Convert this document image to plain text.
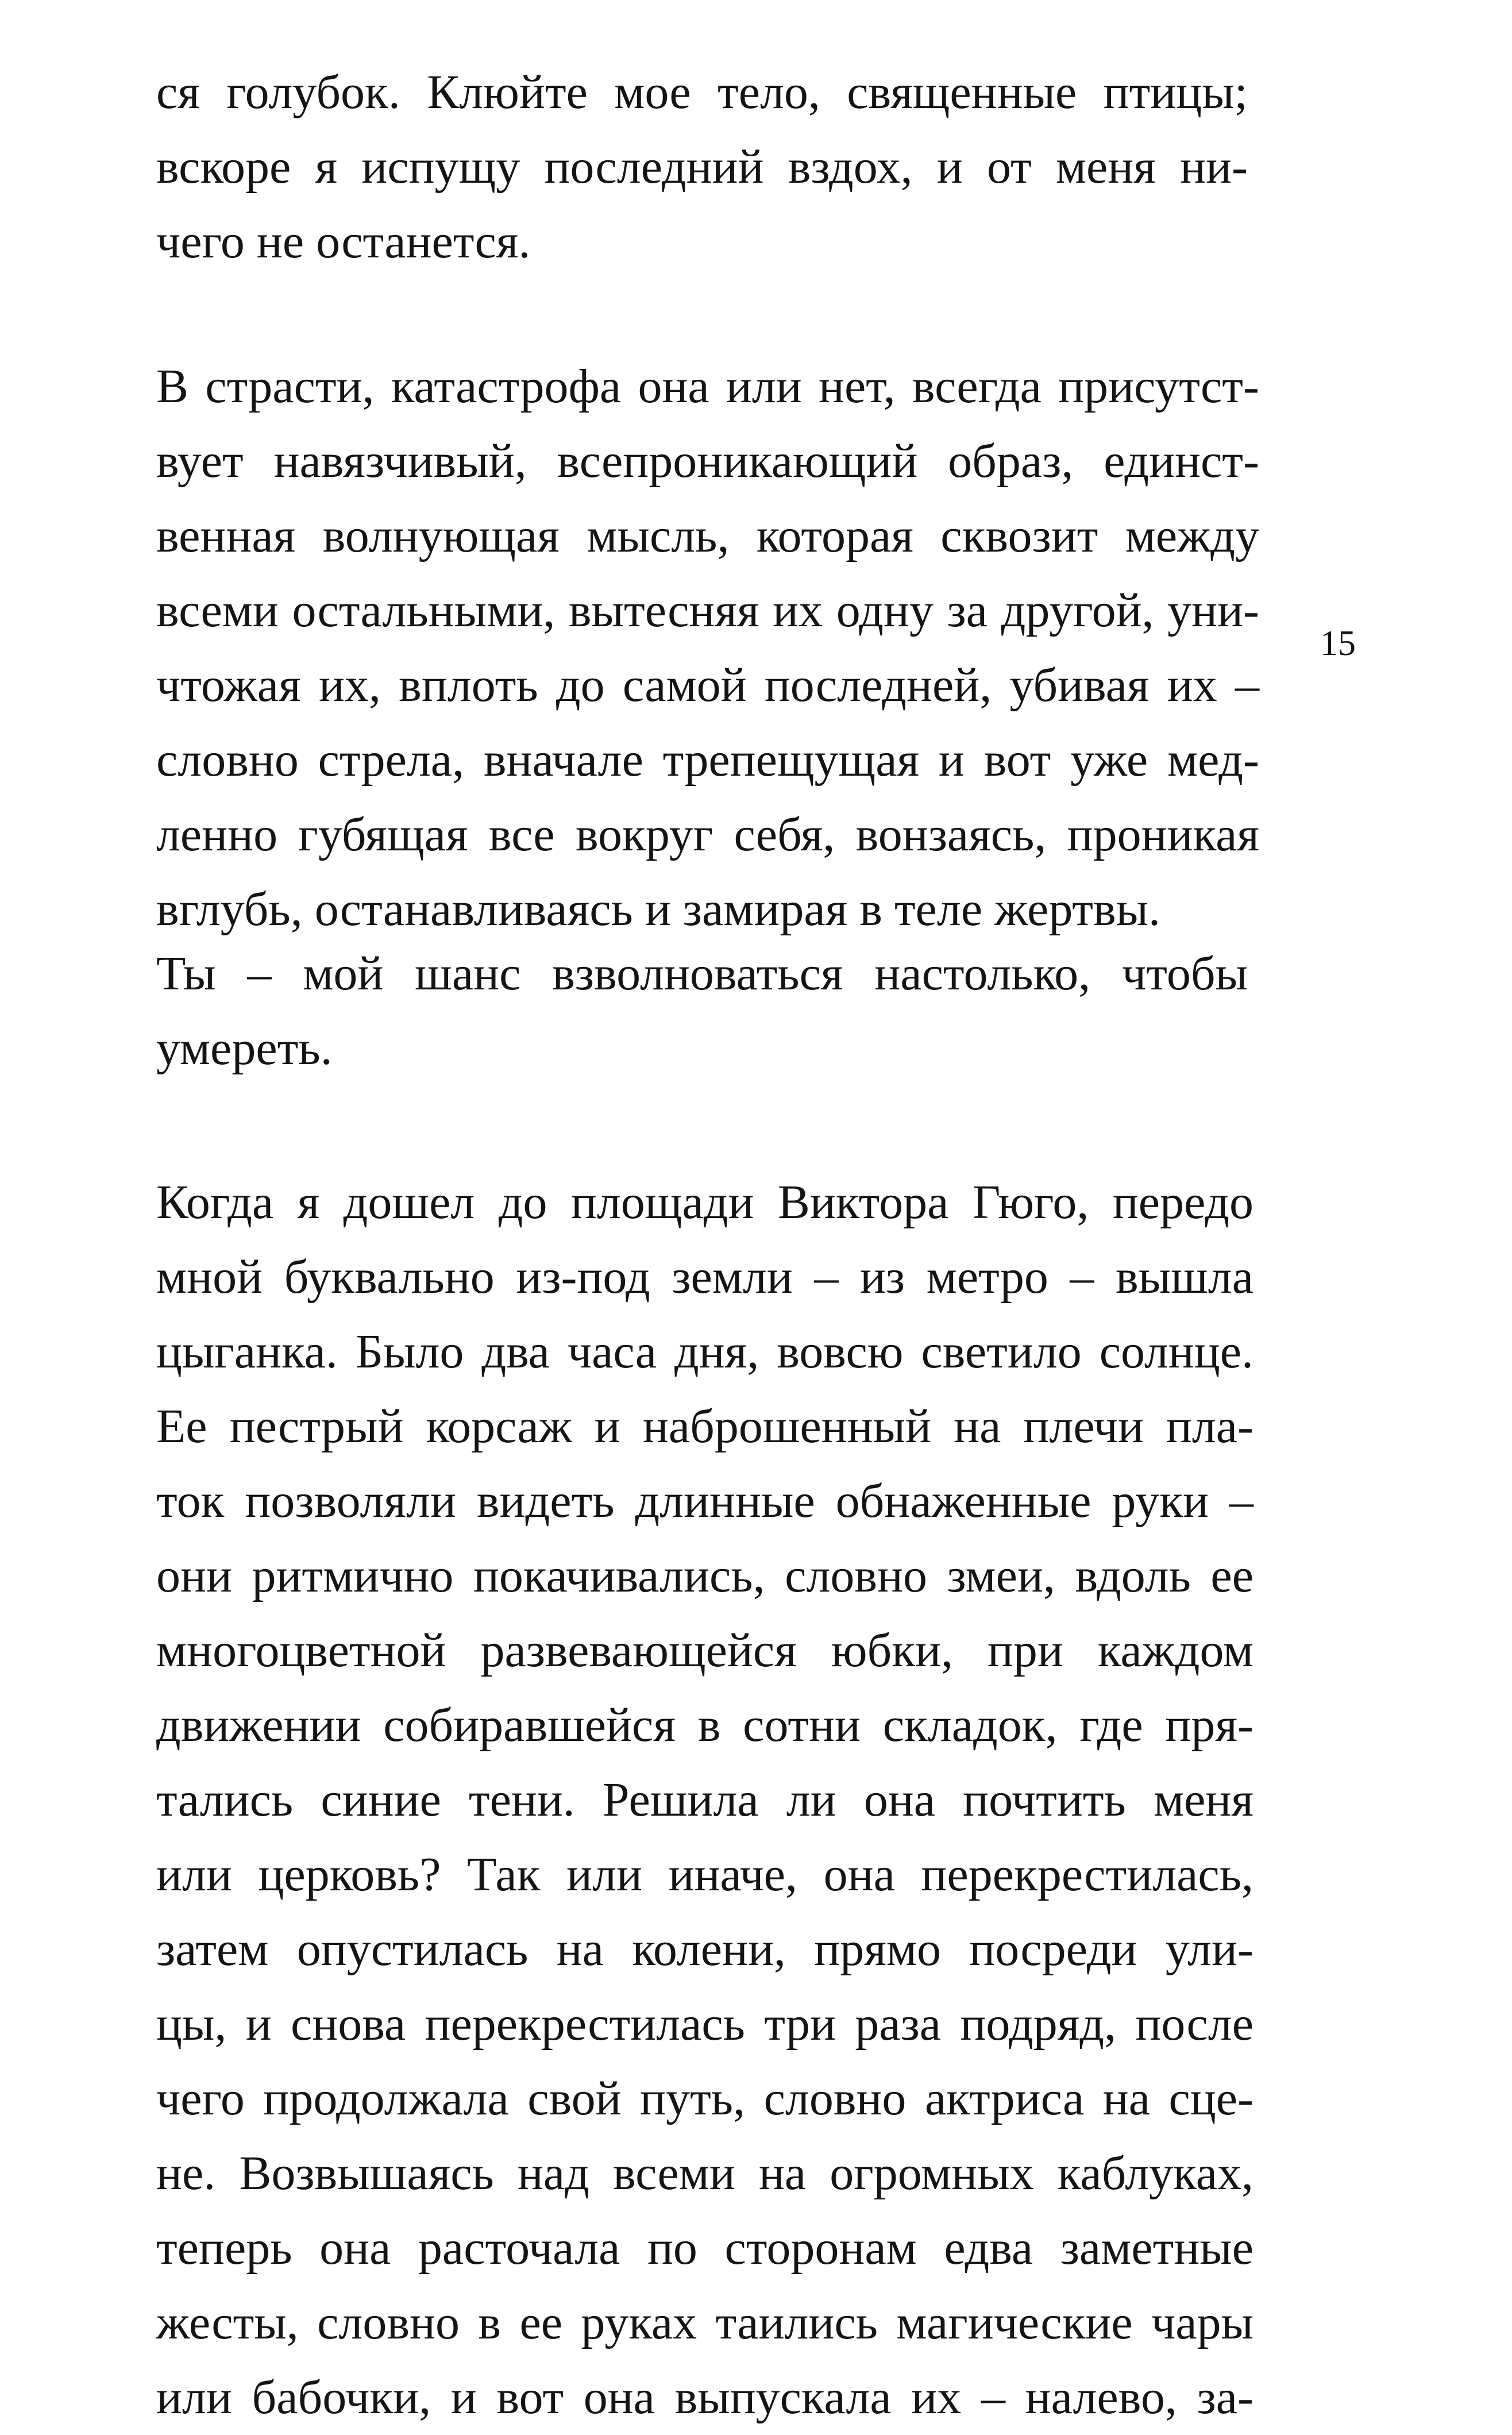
ся голубок. Клюйте мое тело, священные птицы;
вскоре я испущу последний вздох, и от меня ни-
чего не останется.
В страсти, катастрофа она или нет, всегда присутст-
вует навязчивый, всепроникающий образ, единст-
венная волнующая мысль, которая сквозит между
всеми остальными, вытесняя их одну за другой, уни-
чтожая их, вплоть до самой последней, убивая их –
словно стрела, вначале трепещущая и вот уже мед-
ленно губящая все вокруг себя, вонзаясь, проникая
вглубь, останавливаясь и замирая в теле жертвы.
15
Ты – мой шанс взволноваться настолько, чтобы
умереть.
Когда я дошел до площади Виктора Гюго, передо
мной буквально из-под земли – из метро – вышла
цыганка. Было два часа дня, вовсю светило солнце.
Ее пестрый корсаж и наброшенный на плечи пла-
ток позволяли видеть длинные обнаженные руки –
они ритмично покачивались, словно змеи, вдоль ее
многоцветной развевающейся юбки, при каждом
движении собиравшейся в сотни складок, где пря-
тались синие тени. Решила ли она почтить меня
или церковь? Так или иначе, она перекрестилась,
затем опустилась на колени, прямо посреди ули-
цы, и снова перекрестилась три раза подряд, после
чего продолжала свой путь, словно актриса на сце-
не. Возвышаясь над всеми на огромных каблуках,
теперь она расточала по сторонам едва заметные
жесты, словно в ее руках таились магические чары
или бабочки, и вот она выпускала их – налево, за-
